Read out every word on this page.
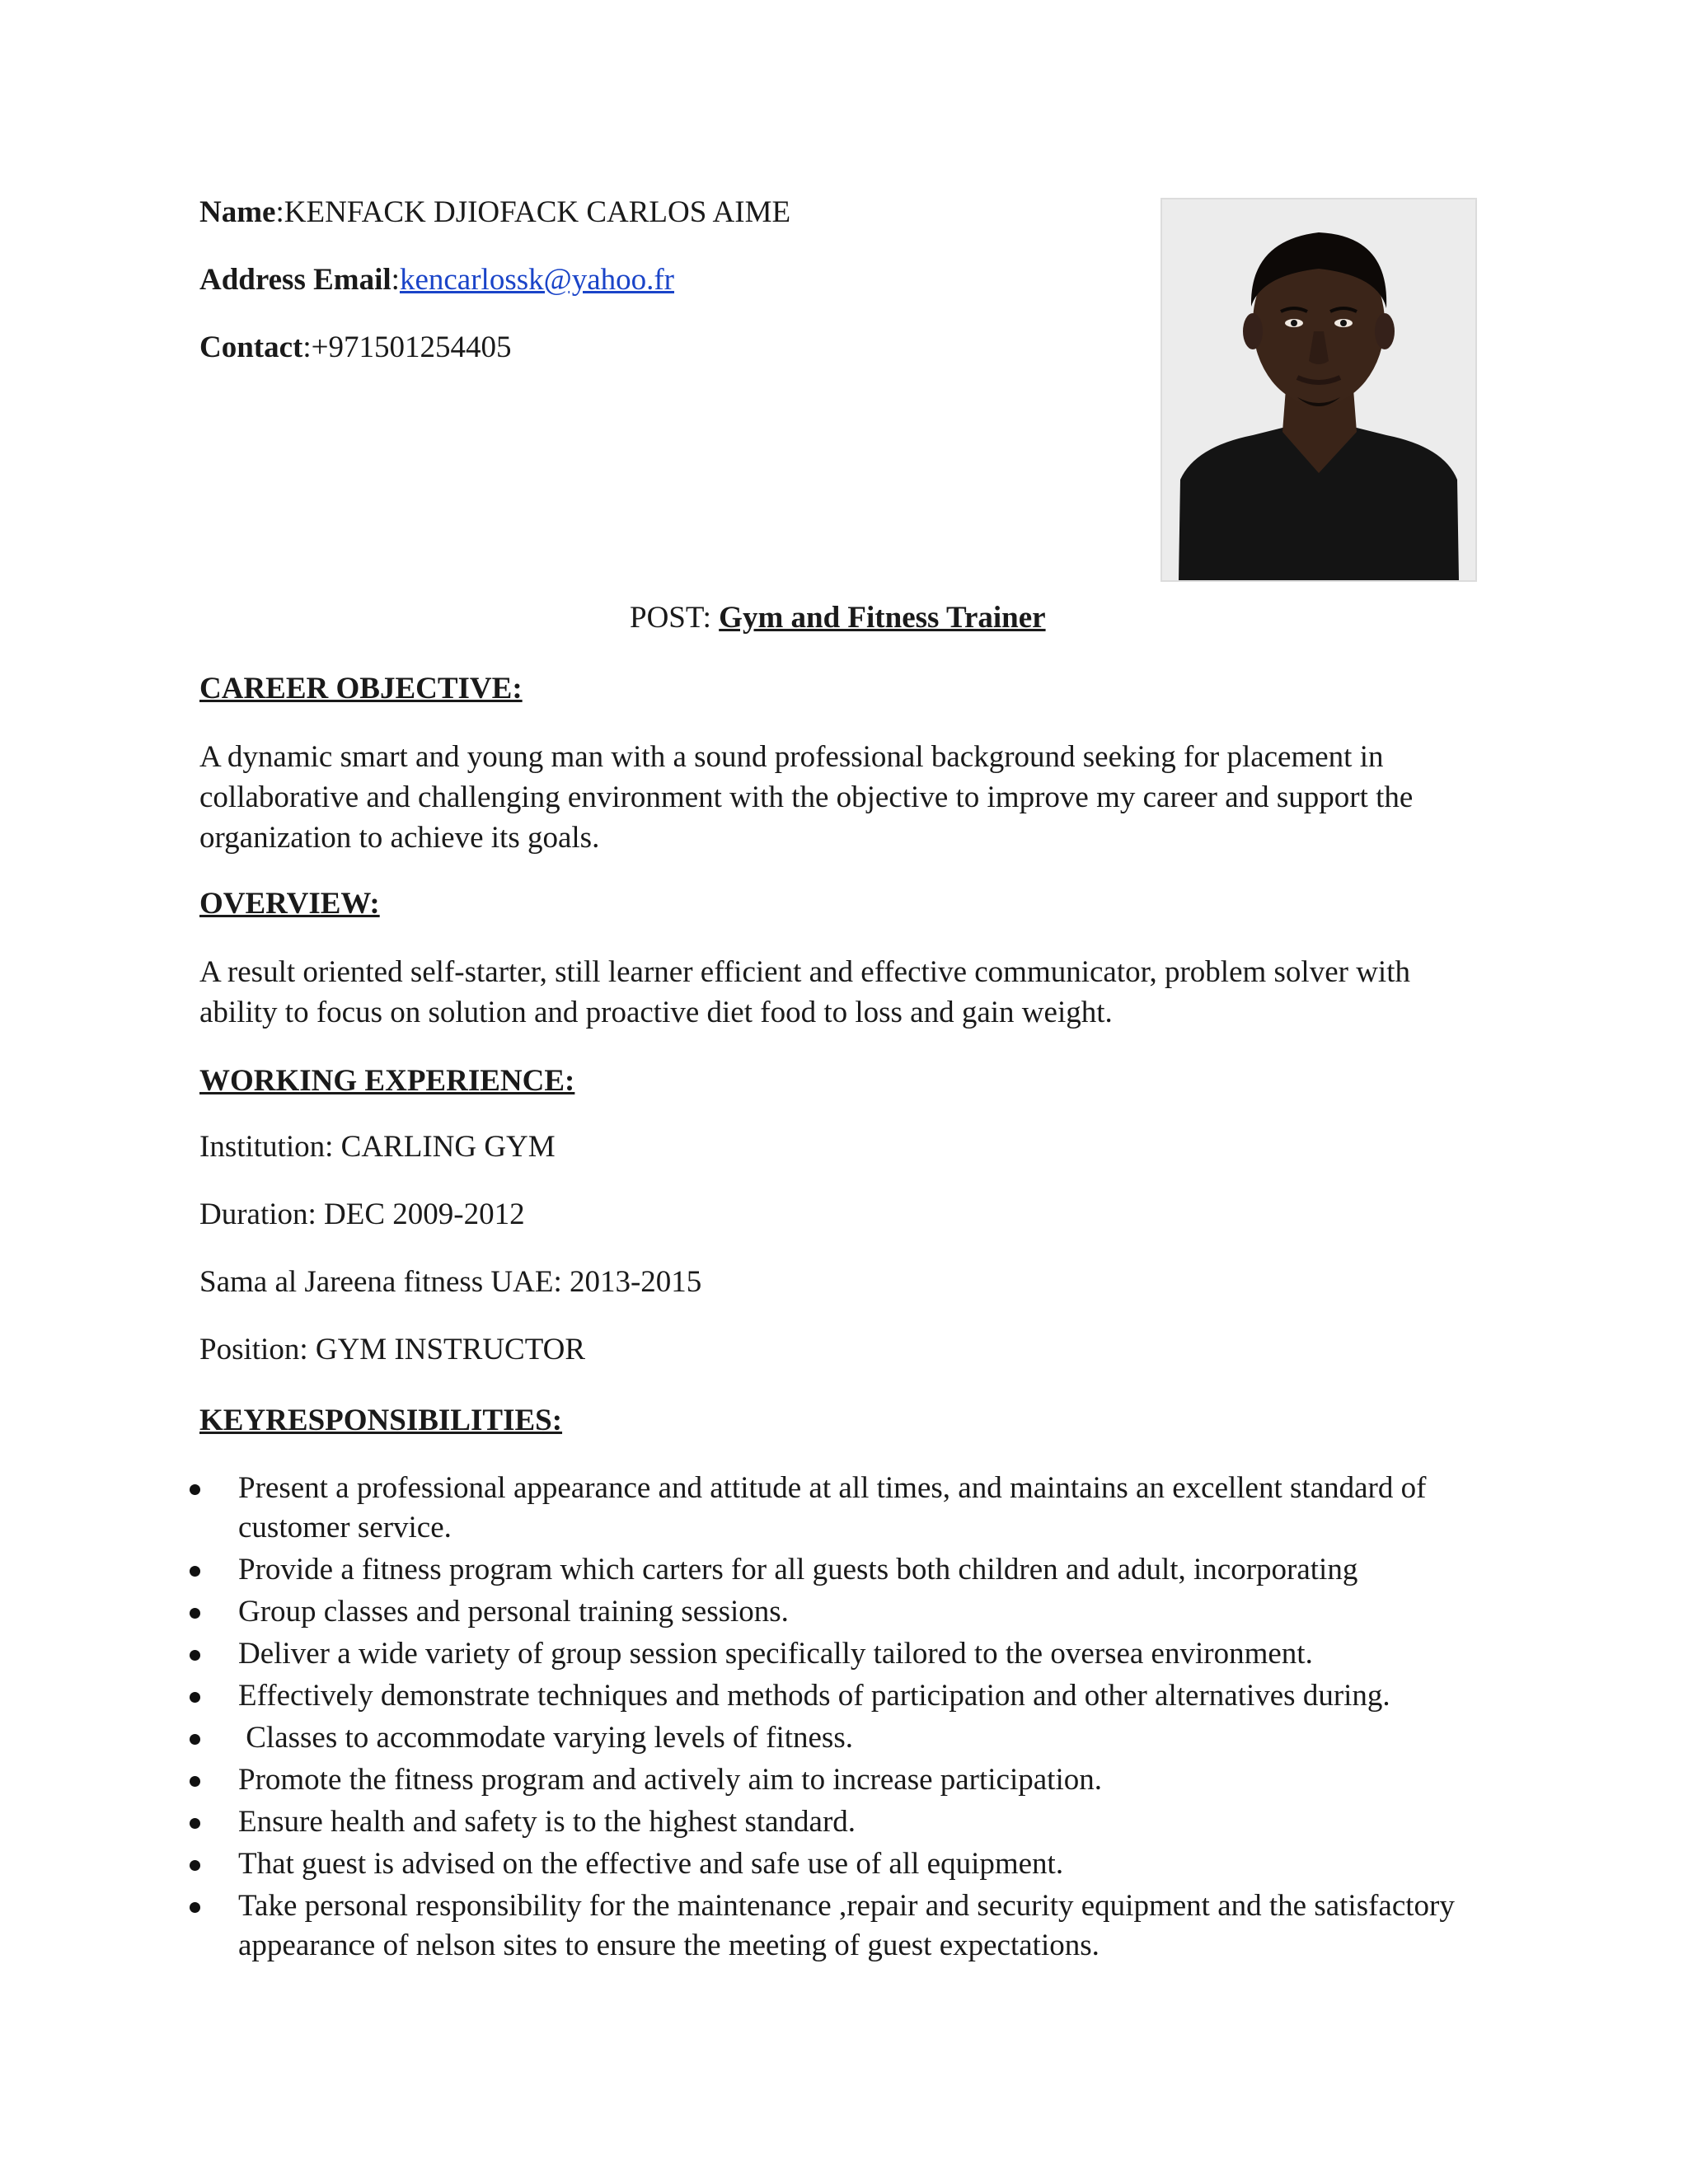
Name:KENFACK DJIOFACK CARLOS AIME
Address Email:kencarlossk@yahoo.fr
Contact:+971501254405
POST: Gym and Fitness Trainer
CAREER OBJECTIVE:
A dynamic smart and young man with a sound professional background seeking for placement in
collaborative and challenging environment with the objective to improve my career and support the
organization to achieve its goals.
OVERVIEW:
A result oriented self-starter, still learner efficient and effective communicator, problem solver with
ability to focus on solution and proactive diet food to loss and gain weight.
WORKING EXPERIENCE:
Institution: CARLING GYM
Duration: DEC 2009-2012
Sama al Jareena fitness UAE: 2013-2015
Position: GYM INSTRUCTOR
KEYRESPONSIBILITIES:
Present a professional appearance and attitude at all times, and maintains an excellent standard of
customer service.
Provide a fitness program which carters for all guests both children and adult, incorporating
Group classes and personal training sessions.
Deliver a wide variety of group session specifically tailored to the oversea environment.
Effectively demonstrate techniques and methods of participation and other alternatives during.
Classes to accommodate varying levels of fitness.
Promote the fitness program and actively aim to increase participation.
Ensure health and safety is to the highest standard.
That guest is advised on the effective and safe use of all equipment.
Take personal responsibility for the maintenance ,repair and security equipment and the satisfactory
appearance of nelson sites to ensure the meeting of guest expectations.
